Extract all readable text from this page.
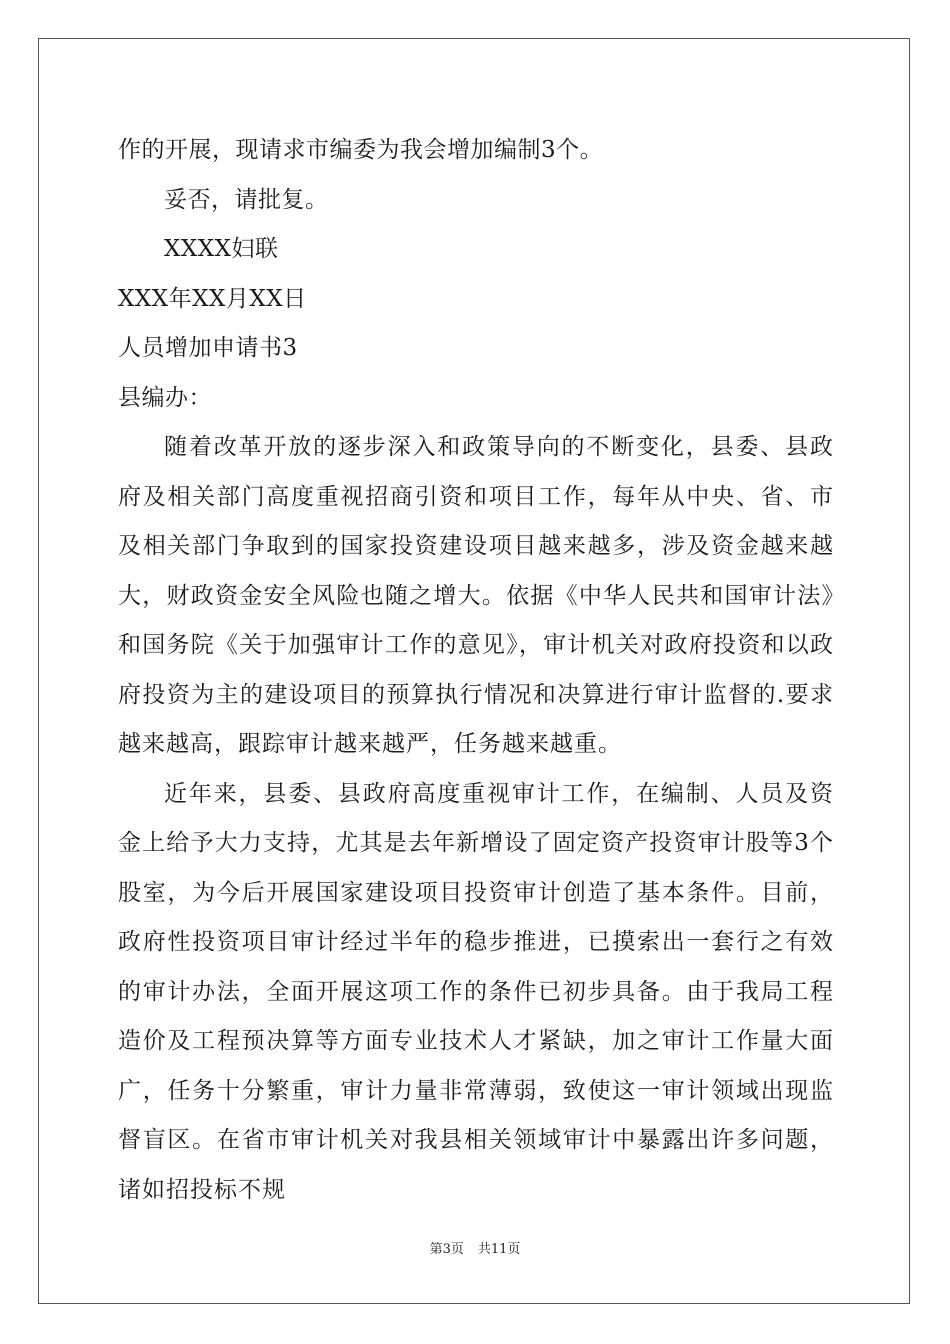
作的开展，现请求市编委为我会增加编制3个。
妥否，请批复。
XXXX妇联
XXX年XX月XX日
人员增加申请书3
县编办：

随着改革开放的逐步深入和政策导向的不断变化，县委、县政府及相关部门高度重视招商引资和项目工作，每年从中央、省、市及相关部门争取到的国家投资建设项目越来越多，涉及资金越来越大，财政资金安全风险也随之增大。依据《中华人民共和国审计法》和国务院《关于加强审计工作的意见》，审计机关对政府投资和以政府投资为主的建设项目的预算执行情况和决算进行审计监督的.要求越来越高，跟踪审计越来越严，任务越来越重。

近年来，县委、县政府高度重视审计工作，在编制、人员及资金上给予大力支持，尤其是去年新增设了固定资产投资审计股等3个股室，为今后开展国家建设项目投资审计创造了基本条件。目前，政府性投资项目审计经过半年的稳步推进，已摸索出一套行之有效的审计办法，全面开展这项工作的条件已初步具备。由于我局工程造价及工程预决算等方面专业技术人才紧缺，加之审计工作量大面广，任务十分繁重，审计力量非常薄弱，致使这一审计领域出现监督盲区。在省市审计机关对我县相关领域审计中暴露出许多问题，诸如招投标不规

第3页 共11页
